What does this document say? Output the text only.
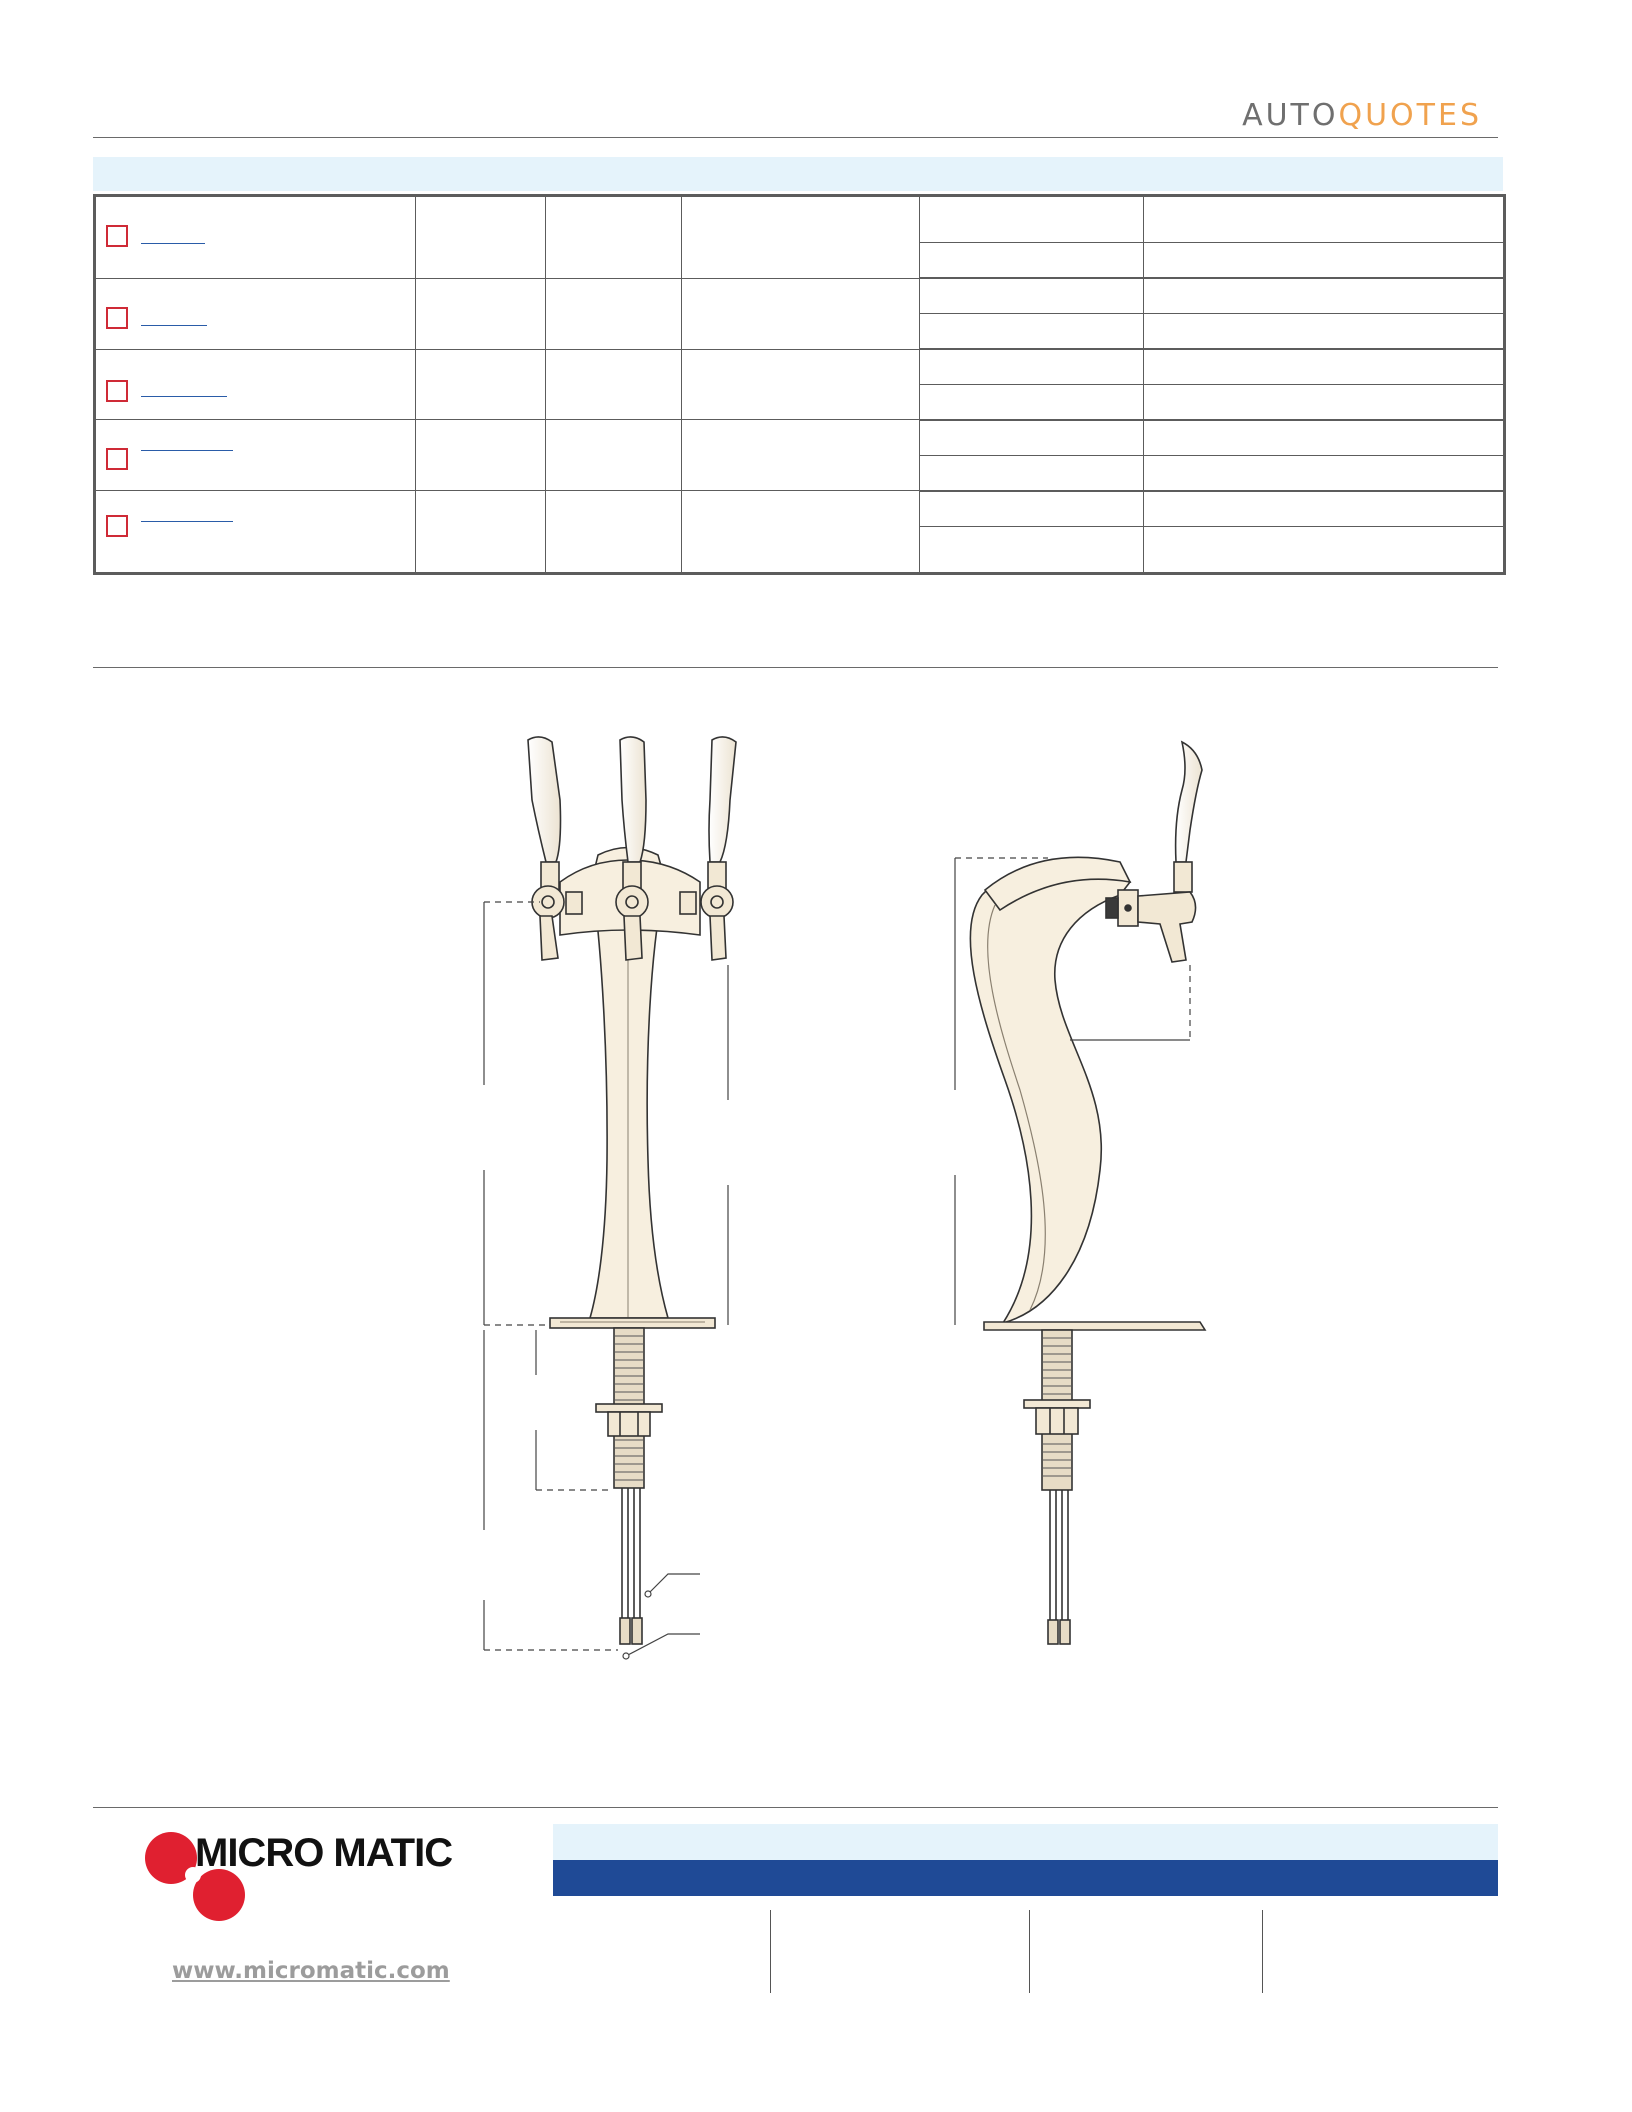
AUTOQUOTES

MICRO MATIC
www.micromatic.com
